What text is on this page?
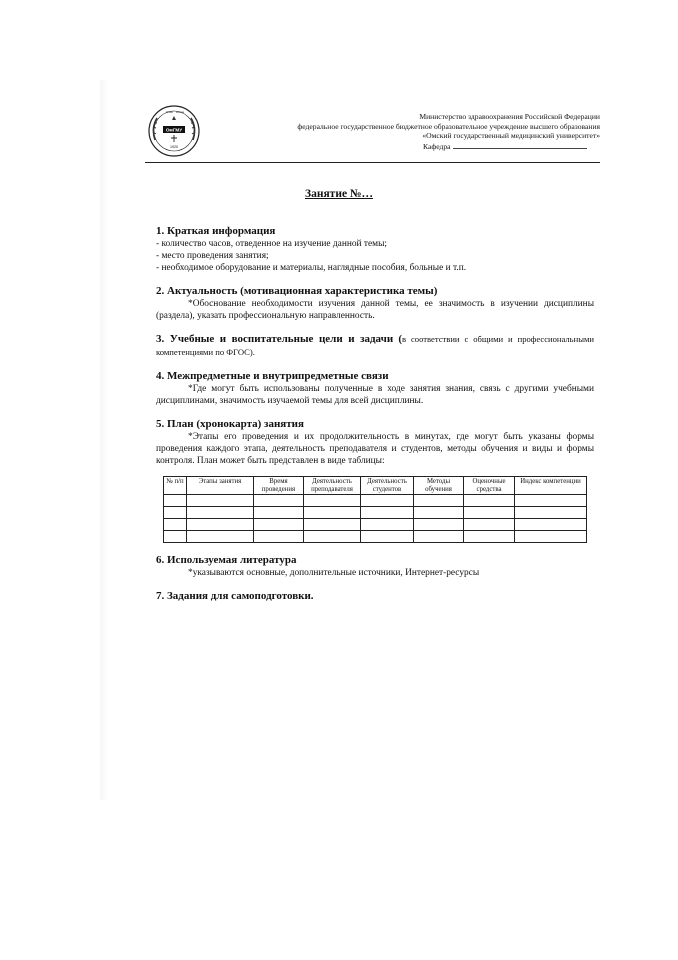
ОмГМУ
1920
Omsk Russia	Министерство здравоохранения Российской Федерации
федеральное государственное бюджетное образовательное учреждение высшего образования
«Омский государственный медицинский университет»
Кафедра
Занятие №…
1. Краткая информация
- количество часов, отведенное на изучение данной темы;
- место проведения занятия;
- необходимое оборудование и материалы, наглядные пособия, больные и т.п.
2. Актуальность (мотивационная характеристика темы)
*Обоснование необходимости изучения данной темы, ее значимость в изучении дисциплины (раздела), указать профессиональную направленность.
3. Учебные и воспитательные цели и задачи (в соответствии с общими и профессиональными компетенциями по ФГОС).
4. Межпредметные и внутрипредметные связи
*Где могут быть использованы полученные в ходе занятия знания, связь с другими учебными дисциплинами, значимость изучаемой темы для всей дисциплины.
5. План (хронокарта) занятия
*Этапы его проведения и их продолжительность в минутах, где могут быть указаны формы проведения каждого этапа, деятельность преподавателя и студентов, методы обучения и виды и формы контроля. План может быть представлен в виде таблицы:
№ п/п	Этапы занятия	Время проведения	Деятельность преподавателя	Деятельность студентов	Методы обучения	Оценочные средства	Индекс компетенции

6. Используемая литература
*указываются основные, дополнительные источники, Интернет-ресурсы
7. Задания для самоподготовки.
